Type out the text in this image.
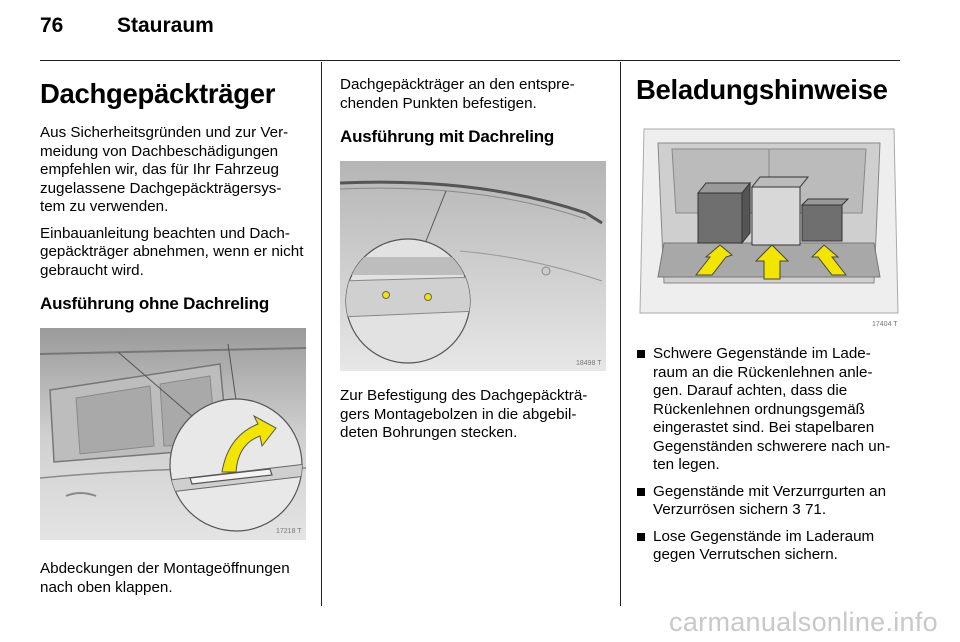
76	Stauraum
Dachgepäckträger

Aus Sicherheitsgründen und zur Ver-meidung von Dachbeschädigungen empfehlen wir, das für Ihr Fahrzeug zugelassene Dachgepäckträgersys-tem zu verwenden.

Einbauanleitung beachten und Dach-gepäckträger abnehmen, wenn er nicht gebraucht wird.

Ausführung ohne Dachreling
17218 T

Abdeckungen der Montageöffnungen nach oben klappen.

Dachgepäckträger an den entspre-chenden Punkten befestigen.

Ausführung mit Dachreling
18498 T

Zur Befestigung des Dachgepäckträ-gers Montagebolzen in die abgebil-deten Bohrungen stecken.

Beladungshinweise
17404 T
Schwere Gegenstände im Lade-raum an die Rückenlehnen anle-gen. Darauf achten, dass die Rückenlehnen ordnungsgemäß eingerastet sind. Bei stapelbaren Gegenständen schwerere nach un-ten legen.
Gegenstände mit Verzurrgurten an Verzurrösen sichern 3 71.
Lose Gegenstände im Laderaum gegen Verrutschen sichern.
carmanualsonline.info
